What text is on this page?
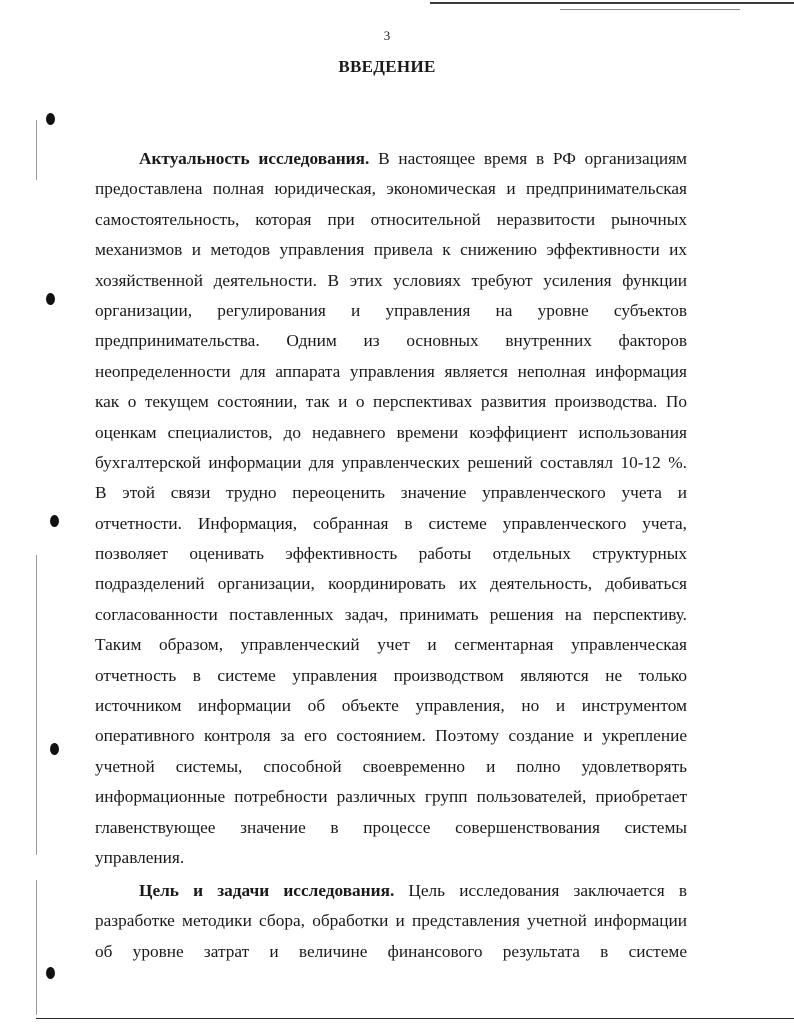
3
ВВЕДЕНИЕ
Актуальность исследования. В настоящее время в РФ организациям
предоставлена полная юридическая, экономическая и предпринимательская
самостоятельность, которая при относительной неразвитости рыночных
механизмов и методов управления привела к снижению эффективности их
хозяйственной деятельности. В этих условиях требуют усиления функции
организации, регулирования и управления на уровне субъектов
предпринимательства. Одним из основных внутренних факторов
неопределенности для аппарата управления является неполная информация
как о текущем состоянии, так и о перспективах развития производства. По
оценкам специалистов, до недавнего времени коэффициент использования
бухгалтерской информации для управленческих решений составлял 10-12 %.
В этой связи трудно переоценить значение управленческого учета и
отчетности. Информация, собранная в системе управленческого учета,
позволяет оценивать эффективность работы отдельных структурных
подразделений организации, координировать их деятельность, добиваться
согласованности поставленных задач, принимать решения на перспективу.
Таким образом, управленческий учет и сегментарная управленческая
отчетность в системе управления производством являются не только
источником информации об объекте управления, но и инструментом
оперативного контроля за его состоянием. Поэтому создание и укрепление
учетной системы, способной своевременно и полно удовлетворять
информационные потребности различных групп пользователей, приобретает
главенствующее значение в процессе совершенствования системы
управления.
Цель и задачи исследования. Цель исследования заключается в
разработке методики сбора, обработки и представления учетной информации
об уровне затрат и величине финансового результата в системе
